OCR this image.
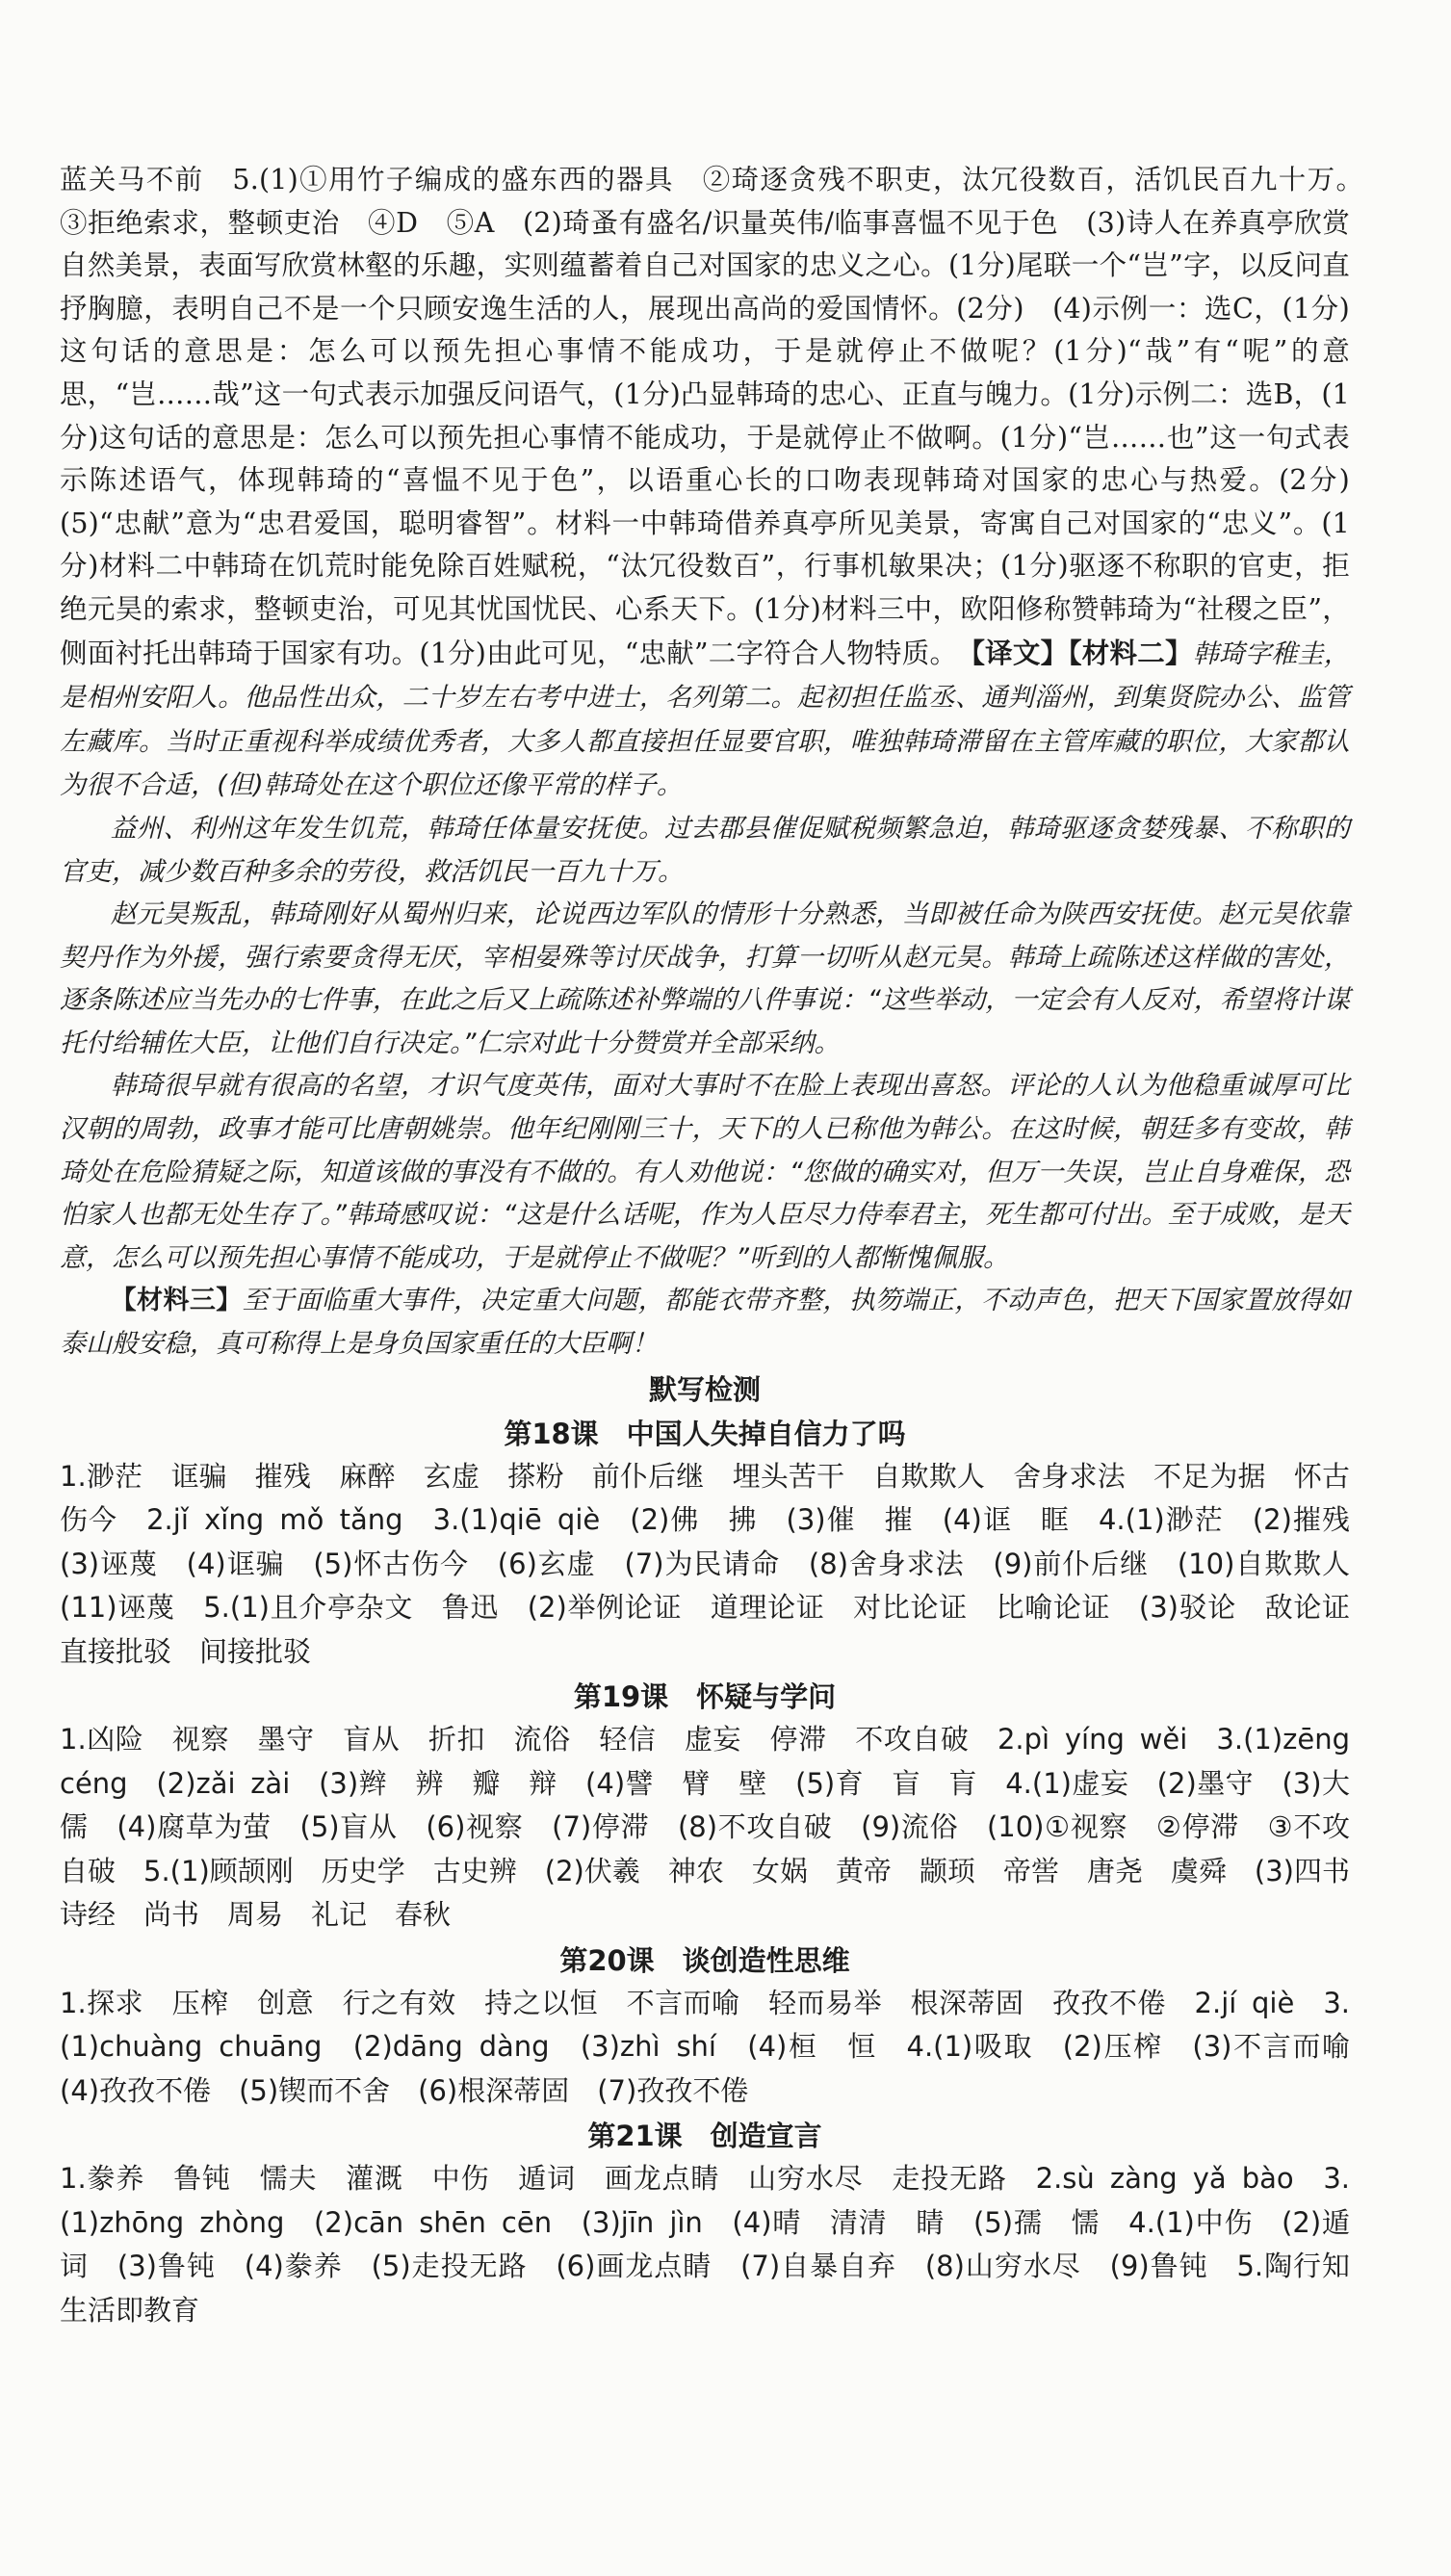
蓝关马不前　5.(1)①用竹子编成的盛东西的器具　②琦逐贪残不职吏，汰冗役数百，活饥民百九十万。　③拒绝索求，整顿吏治　④D　⑤A　(2)琦蚤有盛名/识量英伟/临事喜愠不见于色　(3)诗人在养真亭欣赏自然美景，表面写欣赏林壑的乐趣，实则蕴蓄着自己对国家的忠义之心。(1分)尾联一个“岂”字，以反问直抒胸臆，表明自己不是一个只顾安逸生活的人，展现出高尚的爱国情怀。(2分)　(4)示例一：选C，(1分)这句话的意思是：怎么可以预先担心事情不能成功，于是就停止不做呢？(1分)“哉”有“呢”的意思，“岂……哉”这一句式表示加强反问语气，(1分)凸显韩琦的忠心、正直与魄力。(1分)示例二：选B，(1分)这句话的意思是：怎么可以预先担心事情不能成功，于是就停止不做啊。(1分)“岂……也”这一句式表示陈述语气，体现韩琦的“喜愠不见于色”，以语重心长的口吻表现韩琦对国家的忠心与热爱。(2分)　(5)“忠献”意为“忠君爱国，聪明睿智”。材料一中韩琦借养真亭所见美景，寄寓自己对国家的“忠义”。(1分)材料二中韩琦在饥荒时能免除百姓赋税，“汰冗役数百”，行事机敏果决；(1分)驱逐不称职的官吏，拒绝元昊的索求，整顿吏治，可见其忧国忧民、心系天下。(1分)材料三中，欧阳修称赞韩琦为“社稷之臣”，侧面衬托出韩琦于国家有功。(1分)由此可见，“忠献”二字符合人物特质。　【译文】【材料二】韩琦字稚圭，是相州安阳人。他品性出众，二十岁左右考中进士，名列第二。起初担任监丞、通判淄州，到集贤院办公、监管左藏库。当时正重视科举成绩优秀者，大多人都直接担任显要官职，唯独韩琦滞留在主管库藏的职位，大家都认为很不合适，(但)韩琦处在这个职位还像平常的样子。

益州、利州这年发生饥荒，韩琦任体量安抚使。过去郡县催促赋税频繁急迫，韩琦驱逐贪婪残暴、不称职的官吏，减少数百种多余的劳役，救活饥民一百九十万。

赵元昊叛乱，韩琦刚好从蜀州归来，论说西边军队的情形十分熟悉，当即被任命为陕西安抚使。赵元昊依靠契丹作为外援，强行索要贪得无厌，宰相晏殊等讨厌战争，打算一切听从赵元昊。韩琦上疏陈述这样做的害处，逐条陈述应当先办的七件事，在此之后又上疏陈述补弊端的八件事说：“这些举动，一定会有人反对，希望将计谋托付给辅佐大臣，让他们自行决定。”仁宗对此十分赞赏并全部采纳。

韩琦很早就有很高的名望，才识气度英伟，面对大事时不在脸上表现出喜怒。评论的人认为他稳重诚厚可比汉朝的周勃，政事才能可比唐朝姚崇。他年纪刚刚三十，天下的人已称他为韩公。在这时候，朝廷多有变故，韩琦处在危险猜疑之际，知道该做的事没有不做的。有人劝他说：“您做的确实对，但万一失误，岂止自身难保，恐怕家人也都无处生存了。”韩琦感叹说：“这是什么话呢，作为人臣尽力侍奉君主，死生都可付出。至于成败，是天意，怎么可以预先担心事情不能成功，于是就停止不做呢？”听到的人都惭愧佩服。

【材料三】至于面临重大事件，决定重大问题，都能衣带齐整，执笏端正，不动声色，把天下国家置放得如泰山般安稳，真可称得上是身负国家重任的大臣啊！

默写检测
第18课　中国人失掉自信力了吗

1.渺茫　诓骗　摧残　麻醉　玄虚　搽粉　前仆后继　埋头苦干　自欺欺人　舍身求法　不足为据　怀古伤今　2.jǐ xǐng mǒ tǎng　3.(1)qiē qiè　(2)佛　拂　(3)催　摧　(4)诓　眶　4.(1)渺茫　(2)摧残　(3)诬蔑　(4)诓骗　(5)怀古伤今　(6)玄虚　(7)为民请命　(8)舍身求法　(9)前仆后继　(10)自欺欺人　(11)诬蔑　5.(1)且介亭杂文　鲁迅　(2)举例论证　道理论证　对比论证　比喻论证　(3)驳论　敌论证　直接批驳　间接批驳

第19课　怀疑与学问

1.凶险　视察　墨守　盲从　折扣　流俗　轻信　虚妄　停滞　不攻自破　2.pì yíng wěi　3.(1)zēng céng　(2)zǎi zài　(3)辫　辨　瓣　辩　(4)譬　臂　壁　(5)育　盲　肓　4.(1)虚妄　(2)墨守　(3)大儒　(4)腐草为萤　(5)盲从　(6)视察　(7)停滞　(8)不攻自破　(9)流俗　(10)①视察　②停滞　③不攻自破　5.(1)顾颉刚　历史学　古史辨　(2)伏羲　神农　女娲　黄帝　颛顼　帝喾　唐尧　虞舜　(3)四书　诗经　尚书　周易　礼记　春秋

第20课　谈创造性思维

1.探求　压榨　创意　行之有效　持之以恒　不言而喻　轻而易举　根深蒂固　孜孜不倦　2.jí qiè　3.(1)chuàng chuāng　(2)dāng dàng　(3)zhì shí　(4)桓　恒　4.(1)吸取　(2)压榨　(3)不言而喻　(4)孜孜不倦　(5)锲而不舍　(6)根深蒂固　(7)孜孜不倦

第21课　创造宣言

1.豢养　鲁钝　懦夫　灌溉　中伤　遁词　画龙点睛　山穷水尽　走投无路　2.sù zàng yǎ bào　3.(1)zhōng zhòng　(2)cān shēn cēn　(3)jīn jìn　(4)晴　清清　睛　(5)孺　懦　4.(1)中伤　(2)遁词　(3)鲁钝　(4)豢养　(5)走投无路　(6)画龙点睛　(7)自暴自弃　(8)山穷水尽　(9)鲁钝　5.陶行知　生活即教育
